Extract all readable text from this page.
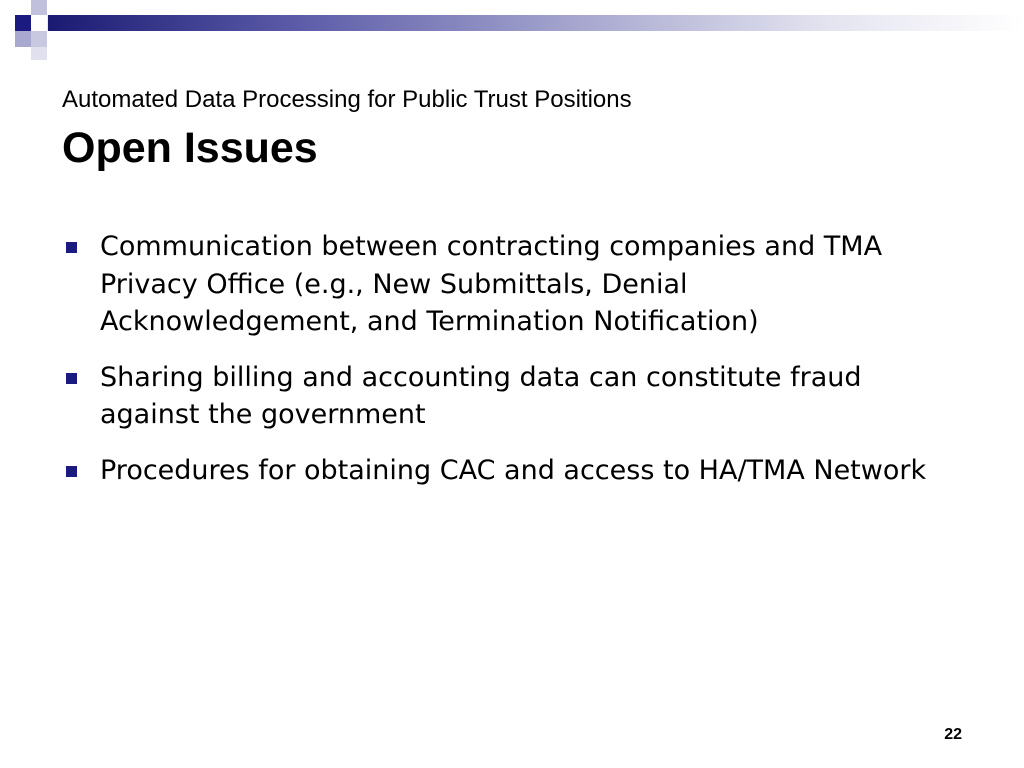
Automated Data Processing for Public Trust Positions
Open Issues
Communication between contracting companies and TMA Privacy Office (e.g., New Submittals, Denial Acknowledgement, and Termination Notification)
Sharing billing and accounting data can constitute fraud against the government
Procedures for obtaining CAC and access to HA/TMA Network
22
